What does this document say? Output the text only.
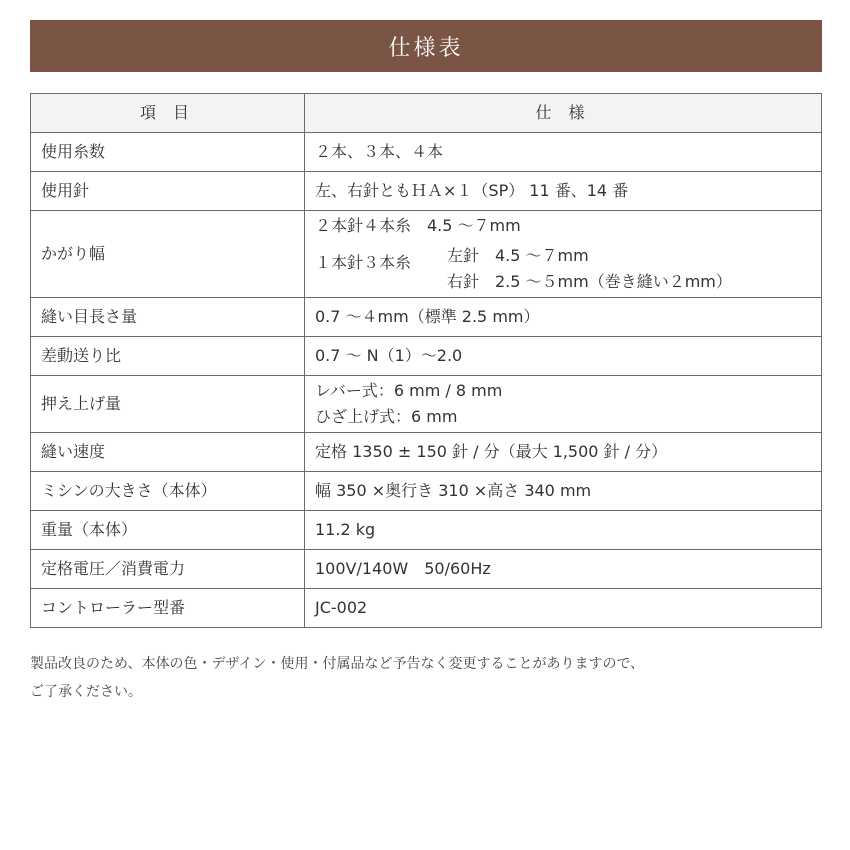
仕様表
項 目	仕 様
使用糸数	２本、３本、４本
使用針	左、右針ともＨＡ×１（SP） 11 番、14 番
かがり幅	２本針４本糸　4.5 ～７mm
１本針３本糸 左針　4.5 ～７mm
右針　2.5 ～５mm（巻き縫い２mm）

縫い目長さ量	0.7 ～４mm（標準 2.5 mm）
差動送り比	0.7 ～ N（1）～2.0
押え上げ量	レバー式：6 mm / 8 mm
ひざ上げ式：6 mm

縫い速度	定格 1350 ± 150 針 / 分（最大 1,500 針 / 分）
ミシンの大きさ（本体）	幅 350 ×奥行き 310 ×高さ 340 mm
重量（本体）	11.2 kg
定格電圧／消費電力	100V/140W　50/60Hz
コントローラー型番	JC-002
製品改良のため、本体の色・デザイン・使用・付属品など予告なく変更することがありますので、
ご了承ください。
